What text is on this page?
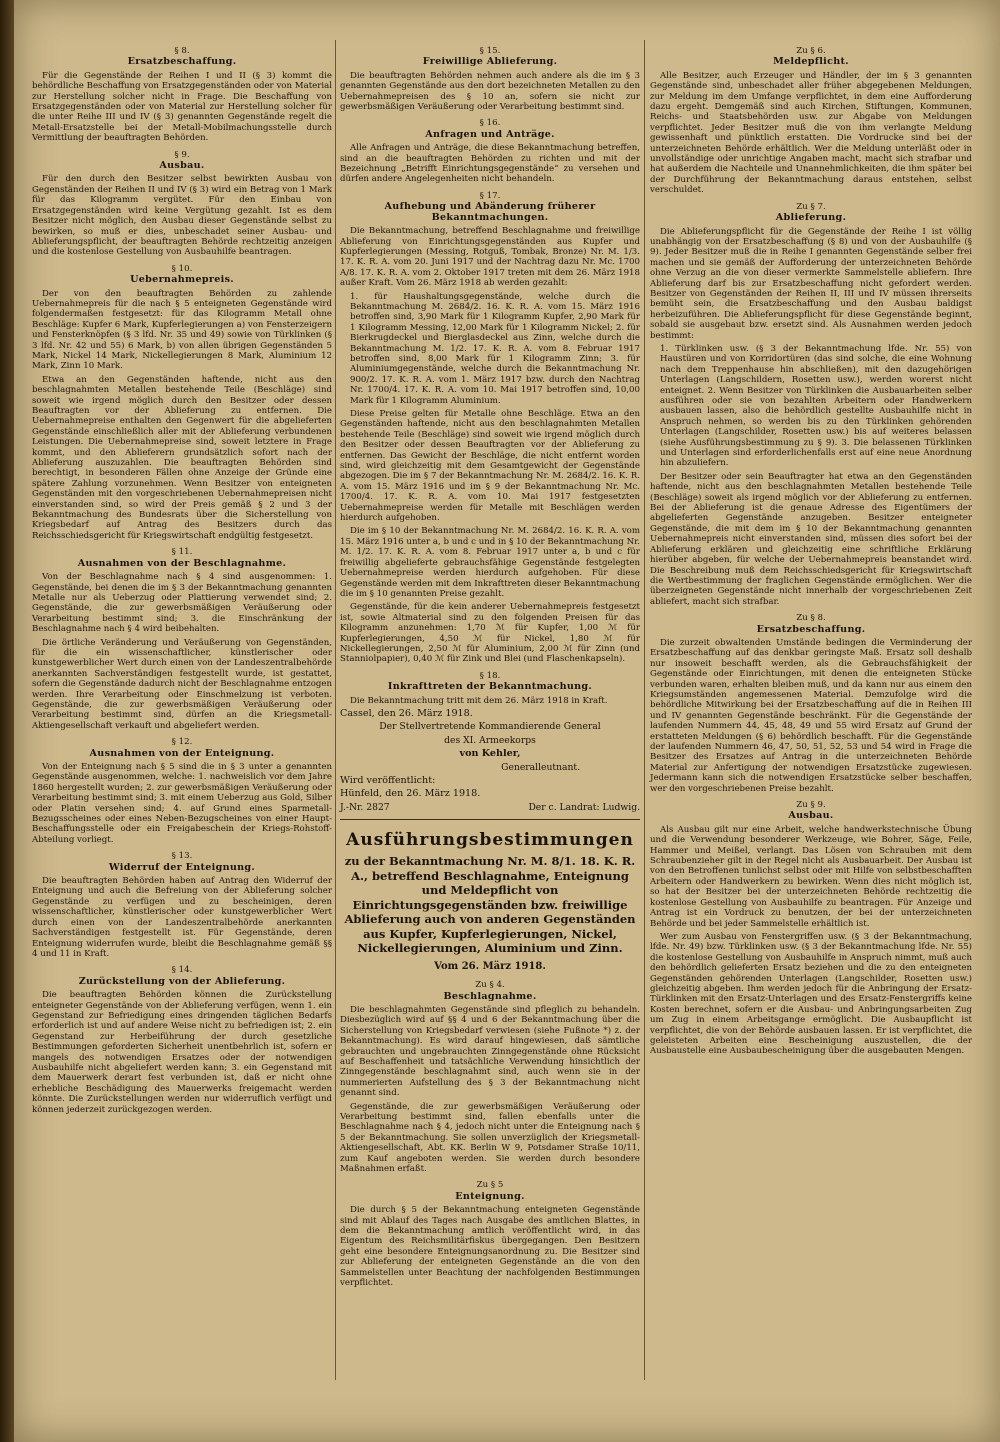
§ 8.
Ersatzbeschaffung.

Für die Gegenstände der Reihen I und II (§ 3) kommt die behördliche Beschaffung von Ersatzgegenständen oder von Material zur Herstellung solcher nicht in Frage. Die Beschaffung von Ersatzgegenständen oder von Material zur Herstellung solcher für die unter Reihe III und IV (§ 3) genannten Gegenstände regelt die Metall-Ersatzstelle bei der Metall-Mobilmachungsstelle durch Vermittlung der beauftragten Behörden.

§ 9.
Ausbau.

Für den durch den Besitzer selbst bewirkten Ausbau von Gegenständen der Reihen II und IV (§ 3) wird ein Betrag von 1 Mark für das Kilogramm vergütet. Für den Einbau von Ersatzgegenständen wird keine Vergütung gezahlt. Ist es dem Besitzer nicht möglich, den Ausbau dieser Gegenstände selbst zu bewirken, so muß er dies, unbeschadet seiner Ausbau- und Ablieferungspflicht, der beauftragten Behörde rechtzeitig anzeigen und die kostenlose Gestellung von Ausbauhilfe beantragen.

§ 10.
Uebernahmepreis.

Der von den beauftragten Behörden zu zahlende Uebernahmepreis für die nach § 5 enteigneten Gegenstände wird folgendermaßen festgesetzt: für das Kilogramm Metall ohne Beschläge: Kupfer 6 Mark, Kupferlegierungen a) von Fensterzeigern und Fensterknöpfen (§ 3 lfd. Nr. 35 und 49) sowie von Türklinken (§ 3 lfd. Nr. 42 und 55) 6 Mark, b) von allen übrigen Gegenständen 5 Mark, Nickel 14 Mark, Nickellegierungen 8 Mark, Aluminium 12 Mark, Zinn 10 Mark.

Etwa an den Gegenständen haftende, nicht aus den beschlagnahmten Metallen bestehende Teile (Beschläge) sind soweit wie irgend möglich durch den Besitzer oder dessen Beauftragten vor der Ablieferung zu entfernen. Die Uebernahmepreise enthalten den Gegenwert für die abgelieferten Gegenstände einschließlich aller mit der Ablieferung verbundenen Leistungen. Die Uebernahmepreise sind, soweit letztere in Frage kommt, und den Ablieferern grundsätzlich sofort nach der Ablieferung auszuzahlen. Die beauftragten Behörden sind berechtigt, in besonderen Fällen ohne Anzeige der Gründe eine spätere Zahlung vorzunehmen. Wenn Besitzer von enteigneten Gegenständen mit den vorgeschriebenen Uebernahmepreisen nicht einverstanden sind, so wird der Preis gemäß § 2 und 3 der Bekanntmachung des Bundesrats über die Sicherstellung von Kriegsbedarf auf Antrag des Besitzers durch das Reichsschiedsgericht für Kriegswirtschaft endgültig festgesetzt.

§ 11.
Ausnahmen von der Beschlagnahme.

Von der Beschlagnahme nach § 4 sind ausgenommen: 1. Gegenstände, bei denen die im § 3 der Bekanntmachung genannten Metalle nur als Ueberzug oder Plattierung verwendet sind; 2. Gegenstände, die zur gewerbsmäßigen Veräußerung oder Verarbeitung bestimmt sind; 3. die Einschränkung der Beschlagnahme nach § 4 wird beibehalten.

Die örtliche Veränderung und Veräußerung von Gegenständen, für die ein wissenschaftlicher, künstlerischer oder kunstgewerblicher Wert durch einen von der Landeszentralbehörde anerkannten Sachverständigen festgestellt wurde, ist gestattet, sofern die Gegenstände dadurch nicht der Beschlagnahme entzogen werden. Ihre Verarbeitung oder Einschmelzung ist verboten. Gegenstände, die zur gewerbsmäßigen Veräußerung oder Verarbeitung bestimmt sind, dürfen an die Kriegsmetall-Aktiengesellschaft verkauft und abgeliefert werden.

§ 12.
Ausnahmen von der Enteignung.

Von der Enteignung nach § 5 sind die in § 3 unter a genannten Gegenstände ausgenommen, welche: 1. nachweislich vor dem Jahre 1860 hergestellt wurden; 2. zur gewerbsmäßigen Veräußerung oder Verarbeitung bestimmt sind; 3. mit einem Ueberzug aus Gold, Silber oder Platin versehen sind; 4. auf Grund eines Sparmetall-Bezugsscheines oder eines Neben-Bezugscheines von einer Haupt-Beschaffungsstelle oder ein Freigabeschein der Kriegs-Rohstoff-Abteilung vorliegt.

§ 13.
Widerruf der Enteignung.

Die beauftragten Behörden haben auf Antrag den Widerruf der Enteignung und auch die Befreiung von der Ablieferung solcher Gegenstände zu verfügen und zu bescheinigen, deren wissenschaftlicher, künstlerischer oder kunstgewerblicher Wert durch einen von der Landeszentralbehörde anerkannten Sachverständigen festgestellt ist. Für Gegenstände, deren Enteignung widerrufen wurde, bleibt die Beschlagnahme gemäß §§ 4 und 11 in Kraft.

§ 14.
Zurückstellung von der Ablieferung.

Die beauftragten Behörden können die Zurückstellung enteigneter Gegenstände von der Ablieferung verfügen, wenn 1. ein Gegenstand zur Befriedigung eines dringenden täglichen Bedarfs erforderlich ist und auf andere Weise nicht zu befriedigen ist; 2. ein Gegenstand zur Herbeiführung der durch gesetzliche Bestimmungen geforderten Sicherheit unentbehrlich ist, sofern er mangels des notwendigen Ersatzes oder der notwendigen Ausbauhilfe nicht abgeliefert werden kann; 3. ein Gegenstand mit dem Mauerwerk derart fest verbunden ist, daß er nicht ohne erhebliche Beschädigung des Mauerwerks freigemacht werden könnte. Die Zurückstellungen werden nur widerruflich verfügt und können jederzeit zurückgezogen werden.

§ 15.
Freiwillige Ablieferung.

Die beauftragten Behörden nehmen auch andere als die im § 3 genannten Gegenstände aus den dort bezeichneten Metallen zu den Uebernahmepreisen des § 10 an, sofern sie nicht zur gewerbsmäßigen Veräußerung oder Verarbeitung bestimmt sind.

§ 16.
Anfragen und Anträge.

Alle Anfragen und Anträge, die diese Bekanntmachung betreffen, sind an die beauftragten Behörden zu richten und mit der Bezeichnung „Betrifft Einrichtungsgegenstände“ zu versehen und dürfen andere Angelegenheiten nicht behandeln.

§ 17.
Aufhebung und Abänderung früherer Bekanntmachungen.

Die Bekanntmachung, betreffend Beschlagnahme und freiwillige Ablieferung von Einrichtungsgegenständen aus Kupfer und Kupferlegierungen (Messing, Rotguß, Tombak, Bronze) Nr. M. 1/3. 17. K. R. A. vom 20. Juni 1917 und der Nachtrag dazu Nr. Mc. 1700 A/8. 17. K. R. A. vom 2. Oktober 1917 treten mit dem 26. März 1918 außer Kraft. Vom 26. März 1918 ab werden gezahlt:

1. für Haushaltungsgegenstände, welche durch die Bekanntmachung M. 2684/2. 16. K. R. A. vom 15. März 1916 betroffen sind, 3,90 Mark für 1 Kilogramm Kupfer, 2,90 Mark für 1 Kilogramm Messing, 12,00 Mark für 1 Kilogramm Nickel; 2. für Bierkrugdeckel und Bierglasdeckel aus Zinn, welche durch die Bekanntmachung M. 1/2. 17. K. R. A. vom 8. Februar 1917 betroffen sind, 8,00 Mark für 1 Kilogramm Zinn; 3. für Aluminiumgegenstände, welche durch die Bekanntmachung Nr. 900/2. 17. K. R. A. vom 1. März 1917 bzw. durch den Nachtrag Nr. 1700/4. 17. K. R. A. vom 10. Mai 1917 betroffen sind, 10,00 Mark für 1 Kilogramm Aluminium.

Diese Preise gelten für Metalle ohne Beschläge. Etwa an den Gegenständen haftende, nicht aus den beschlagnahmten Metallen bestehende Teile (Beschläge) sind soweit wie irgend möglich durch den Besitzer oder dessen Beauftragten vor der Ablieferung zu entfernen. Das Gewicht der Beschläge, die nicht entfernt worden sind, wird gleichzeitig mit dem Gesamtgewicht der Gegenstände abgezogen. Die im § 7 der Bekanntmachung Nr. M. 2684/2. 16. K. R. A. vom 15. März 1916 und im § 9 der Bekanntmachung Nr. Mc. 1700/4. 17. K. R. A. vom 10. Mai 1917 festgesetzten Uebernahmepreise werden für Metalle mit Beschlägen werden hierdurch aufgehoben.

Die im § 10 der Bekanntmachung Nr. M. 2684/2. 16. K. R. A. vom 15. März 1916 unter a, b und c und in § 10 der Bekanntmachung Nr. M. 1/2. 17. K. R. A. vom 8. Februar 1917 unter a, b und c für freiwillig abgelieferte gebrauchsfähige Gegenstände festgelegten Uebernahmepreise werden hierdurch aufgehoben. Für diese Gegenstände werden mit dem Inkrafttreten dieser Bekanntmachung die im § 10 genannten Preise gezahlt.

Gegenstände, für die kein anderer Uebernahmepreis festgesetzt ist, sowie Altmaterial sind zu den folgenden Preisen für das Kilogramm anzunehmen: 1,70 ℳ für Kupfer, 1,00 ℳ für Kupferlegierungen, 4,50 ℳ für Nickel, 1,80 ℳ für Nickellegierungen, 2,50 ℳ für Aluminium, 2,00 ℳ für Zinn (und Stanniolpapier), 0,40 ℳ für Zink und Blei (und Flaschenkapseln).

§ 18.
Inkrafttreten der Bekanntmachung.

Die Bekanntmachung tritt mit dem 26. März 1918 in Kraft.

Cassel, den 26. März 1918.

Der Stellvertretende Kommandierende General

des XI. Armeekorps

von Kehler,

Generalleutnant.

Wird veröffentlicht:

Hünfeld, den 26. März 1918.

J.-Nr. 2827	Der c. Landrat: Ludwig.

Ausführungsbestimmungen
zu der Bekanntmachung Nr. M. 8/1. 18. K. R. A., betreffend Beschlagnahme, Enteignung und Meldepflicht von Einrichtungsgegenständen bzw. freiwillige Ablieferung auch von anderen Gegenständen aus Kupfer, Kupferlegierungen, Nickel, Nickellegierungen, Aluminium und Zinn.
Vom 26. März 1918.
Zu § 4.
Beschlagnahme.

Die beschlagnahmten Gegenstände sind pfleglich zu behandeln. Diesbezüglich wird auf §§ 4 und 6 der Bekanntmachung über die Sicherstellung von Kriegsbedarf verwiesen (siehe Fußnote *) z. der Bekanntmachung). Es wird darauf hingewiesen, daß sämtliche gebrauchten und ungebrauchten Zinngegenstände ohne Rücksicht auf Beschaffenheit und tatsächliche Verwendung hinsichtlich der Zinngegenstände beschlagnahmt sind, auch wenn sie in der nummerierten Aufstellung des § 3 der Bekanntmachung nicht genannt sind.

Gegenstände, die zur gewerbsmäßigen Veräußerung oder Verarbeitung bestimmt sind, fallen ebenfalls unter die Beschlagnahme nach § 4, jedoch nicht unter die Enteignung nach § 5 der Bekanntmachung. Sie sollen unverzüglich der Kriegsmetall-Aktiengesellschaft, Abt. KK. Berlin W 9, Potsdamer Straße 10/11, zum Kauf angeboten werden. Sie werden durch besondere Maßnahmen erfaßt.

Zu § 5
Enteignung.

Die durch § 5 der Bekanntmachung enteigneten Gegenstände sind mit Ablauf des Tages nach Ausgabe des amtlichen Blattes, in dem die Bekanntmachung amtlich veröffentlicht wird, in das Eigentum des Reichsmilitärfiskus übergegangen. Den Besitzern geht eine besondere Enteignungsanordnung zu. Die Besitzer sind zur Ablieferung der enteigneten Gegenstände an die von den Sammelstellen unter Beachtung der nachfolgenden Bestimmungen verpflichtet.

Zu § 6.
Meldepflicht.

Alle Besitzer, auch Erzeuger und Händler, der im § 3 genannten Gegenstände sind, unbeschadet aller früher abgegebenen Meldungen, zur Meldung im dem Umfange verpflichtet, in dem eine Aufforderung dazu ergeht. Demgemäß sind auch Kirchen, Stiftungen, Kommunen, Reichs- und Staatsbehörden usw. zur Abgabe von Meldungen verpflichtet. Jeder Besitzer muß die von ihm verlangte Meldung gewissenhaft und pünktlich erstatten. Die Vordrucke sind bei der unterzeichneten Behörde erhältlich. Wer die Meldung unterläßt oder in unvollständige oder unrichtige Angaben macht, macht sich strafbar und hat außerdem die Nachteile und Unannehmlichkeiten, die ihm später bei der Durchführung der Bekanntmachung daraus entstehen, selbst verschuldet.

Zu § 7.
Ablieferung.

Die Ablieferungspflicht für die Gegenstände der Reihe I ist völlig unabhängig von der Ersatzbeschaffung (§ 8) und von der Ausbauhilfe (§ 9). Jeder Besitzer muß die in Reihe I genannten Gegenstände selber frei machen und sie gemäß der Aufforderung der unterzeichneten Behörde ohne Verzug an die von dieser vermerkte Sammelstelle abliefern. Ihre Ablieferung darf bis zur Ersatzbeschaffung nicht gefordert werden. Besitzer von Gegenständen der Reihen II, III und IV müssen ihrerseits bemüht sein, die Ersatzbeschaffung und den Ausbau baldigst herbeizuführen. Die Ablieferungspflicht für diese Gegenstände beginnt, sobald sie ausgebaut bzw. ersetzt sind. Als Ausnahmen werden jedoch bestimmt:

1. Türklinken usw. (§ 3 der Bekanntmachung lfde. Nr. 55) von Haustüren und von Korridortüren (das sind solche, die eine Wohnung nach dem Treppenhause hin abschließen), mit den dazugehörigen Unterlagen (Langschildern, Rosetten usw.), werden worerst nicht enteignet. 2. Wenn Besitzer von Türklinken die Ausbauarbeiten selber ausführen oder sie von bezahlten Arbeitern oder Handwerkern ausbauen lassen, also die behördlich gestellte Ausbauhilfe nicht in Anspruch nehmen, so werden bis zu den Türklinken gehörenden Unterlagen (Langschilder, Rosetten usw.) bis auf weiteres belassen (siehe Ausführungsbestimmung zu § 9). 3. Die belassenen Türklinken und Unterlagen sind erforderlichenfalls erst auf eine neue Anordnung hin abzuliefern.

Der Besitzer oder sein Beauftragter hat etwa an den Gegenständen haftende, nicht aus den beschlagnahmten Metallen bestehende Teile (Beschläge) soweit als irgend möglich vor der Ablieferung zu entfernen. Bei der Ablieferung ist die genaue Adresse des Eigentümers der abgelieferten Gegenstände anzugeben. Besitzer enteigneter Gegenstände, die mit dem im § 10 der Bekanntmachung genannten Uebernahmepreis nicht einverstanden sind, müssen dies sofort bei der Ablieferung erklären und gleichzeitig eine schriftliche Erklärung hierüber abgeben, für welche der Uebernahmepreis beanstandet wird. Die Beschreibung muß dem Reichsschiedsgericht für Kriegswirtschaft die Wertbestimmung der fraglichen Gegenstände ermöglichen. Wer die überzeigneten Gegenstände nicht innerhalb der vorgeschriebenen Zeit abliefert, macht sich strafbar.

Zu § 8.
Ersatzbeschaffung.

Die zurzeit obwaltenden Umstände bedingen die Verminderung der Ersatzbeschaffung auf das denkbar geringste Maß. Ersatz soll deshalb nur insoweit beschafft werden, als die Gebrauchsfähigkeit der Gegenstände oder Einrichtungen, mit denen die enteigneten Stücke verbunden waren, erhalten bleiben muß, und da kann nur aus einem den Kriegsumständen angemessenen Material. Demzufolge wird die behördliche Mitwirkung bei der Ersatzbeschaffung auf die in Reihen III und IV genannten Gegenstände beschränkt. Für die Gegenstände der laufenden Nummern 44, 45, 48, 49 und 55 wird Ersatz auf Grund der erstatteten Meldungen (§ 6) behördlich beschafft. Für die Gegenstände der laufenden Nummern 46, 47, 50, 51, 52, 53 und 54 wird in Frage die Besitzer des Ersatzes auf Antrag in die unterzeichneten Behörde Material zur Anfertigung der notwendigen Ersatzstücke zugewiesen. Jedermann kann sich die notwendigen Ersatzstücke selber beschaffen, wer den vorgeschriebenen Preise bezahlt.

Zu § 9.
Ausbau.

Als Ausbau gilt nur eine Arbeit, welche handwerkstechnische Übung und die Verwendung besonderer Werkzeuge, wie Bohrer, Säge, Feile, Hammer und Meißel, verlangt. Das Lösen von Schrauben mit dem Schraubenzieher gilt in der Regel nicht als Ausbauarbeit. Der Ausbau ist von den Betroffenen tunlichst selbst oder mit Hilfe von selbstbeschafften Arbeitern oder Handwerkern zu bewirken. Wenn dies nicht möglich ist, so hat der Besitzer bei der unterzeichneten Behörde rechtzeitig die kostenlose Gestellung von Ausbauhilfe zu beantragen. Für Anzeige und Antrag ist ein Vordruck zu benutzen, der bei der unterzeichneten Behörde und bei jeder Sammelstelle erhältlich ist.

Wer zum Ausbau von Fenstergriffen usw. (§ 3 der Bekanntmachung, lfde. Nr. 49) bzw. Türklinken usw. (§ 3 der Bekanntmachung lfde. Nr. 55) die kostenlose Gestellung von Ausbauhilfe in Anspruch nimmt, muß auch den behördlich gelieferten Ersatz beziehen und die zu den enteigneten Gegenständen gehörenden Unterlagen (Langschilder, Rosetten usw.) gleichzeitig abgeben. Ihm werden jedoch für die Anbringung der Ersatz-Türklinken mit den Ersatz-Unterlagen und des Ersatz-Fenstergriffs keine Kosten berechnet, sofern er die Ausbau- und Anbringungsarbeiten Zug um Zug in einem Arbeitsgange ermöglicht. Die Ausbaupflicht ist verpflichtet, die von der Behörde ausbauen lassen. Er ist verpflichtet, die geleisteten Arbeiten eine Bescheinigung auszustellen, die der Ausbaustelle eine Ausbaubescheinigung über die ausgebauten Mengen.
